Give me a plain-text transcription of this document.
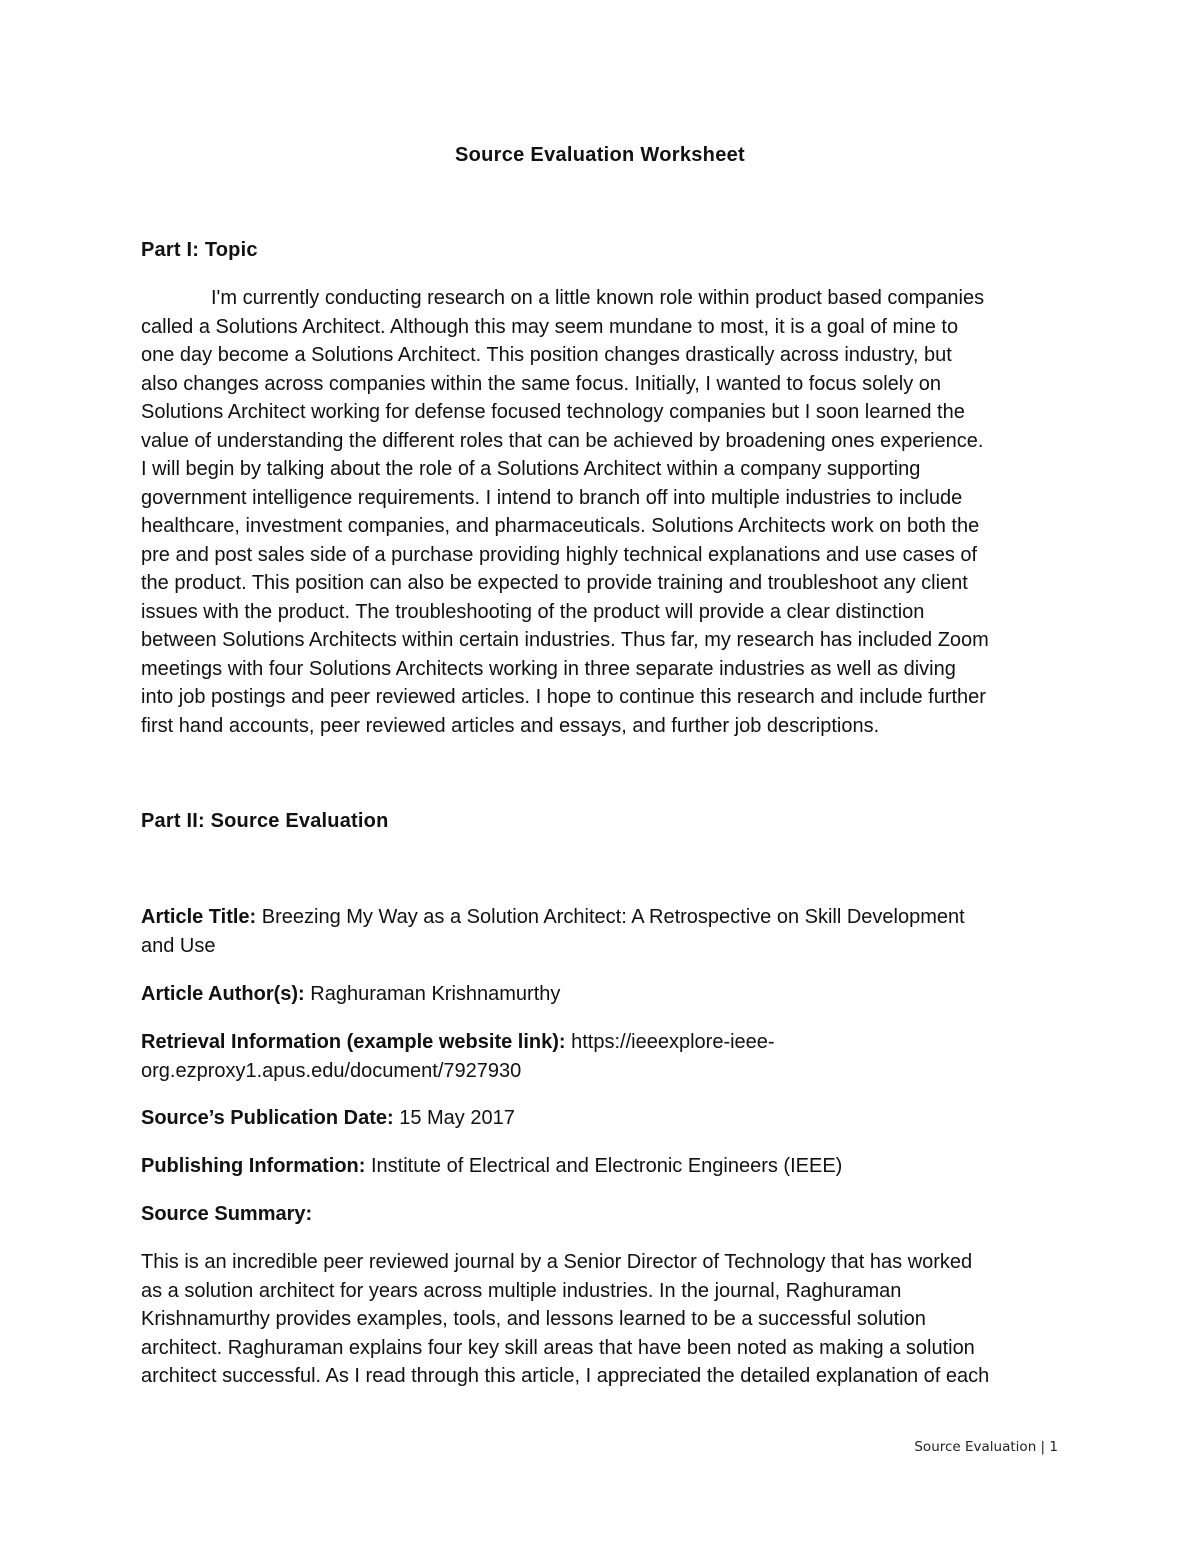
Source Evaluation Worksheet
Part I: Topic
I'm currently conducting research on a little known role within product based companies
called a Solutions Architect. Although this may seem mundane to most, it is a goal of mine to
one day become a Solutions Architect. This position changes drastically across industry, but
also changes across companies within the same focus. Initially, I wanted to focus solely on
Solutions Architect working for defense focused technology companies but I soon learned the
value of understanding the different roles that can be achieved by broadening ones experience.
I will begin by talking about the role of a Solutions Architect within a company supporting
government intelligence requirements. I intend to branch off into multiple industries to include
healthcare, investment companies, and pharmaceuticals. Solutions Architects work on both the
pre and post sales side of a purchase providing highly technical explanations and use cases of
the product. This position can also be expected to provide training and troubleshoot any client
issues with the product. The troubleshooting of the product will provide a clear distinction
between Solutions Architects within certain industries. Thus far, my research has included Zoom
meetings with four Solutions Architects working in three separate industries as well as diving
into job postings and peer reviewed articles. I hope to continue this research and include further
first hand accounts, peer reviewed articles and essays, and further job descriptions.
Part II: Source Evaluation
Article Title: Breezing My Way as a Solution Architect: A Retrospective on Skill Development
and Use
Article Author(s): Raghuraman Krishnamurthy
Retrieval Information (example website link): https://ieeexplore-ieee-
org.ezproxy1.apus.edu/document/7927930
Source’s Publication Date: 15 May 2017
Publishing Information: Institute of Electrical and Electronic Engineers (IEEE)
Source Summary:
This is an incredible peer reviewed journal by a Senior Director of Technology that has worked
as a solution architect for years across multiple industries. In the journal, Raghuraman
Krishnamurthy provides examples, tools, and lessons learned to be a successful solution
architect. Raghuraman explains four key skill areas that have been noted as making a solution
architect successful. As I read through this article, I appreciated the detailed explanation of each
Source Evaluation | 1
